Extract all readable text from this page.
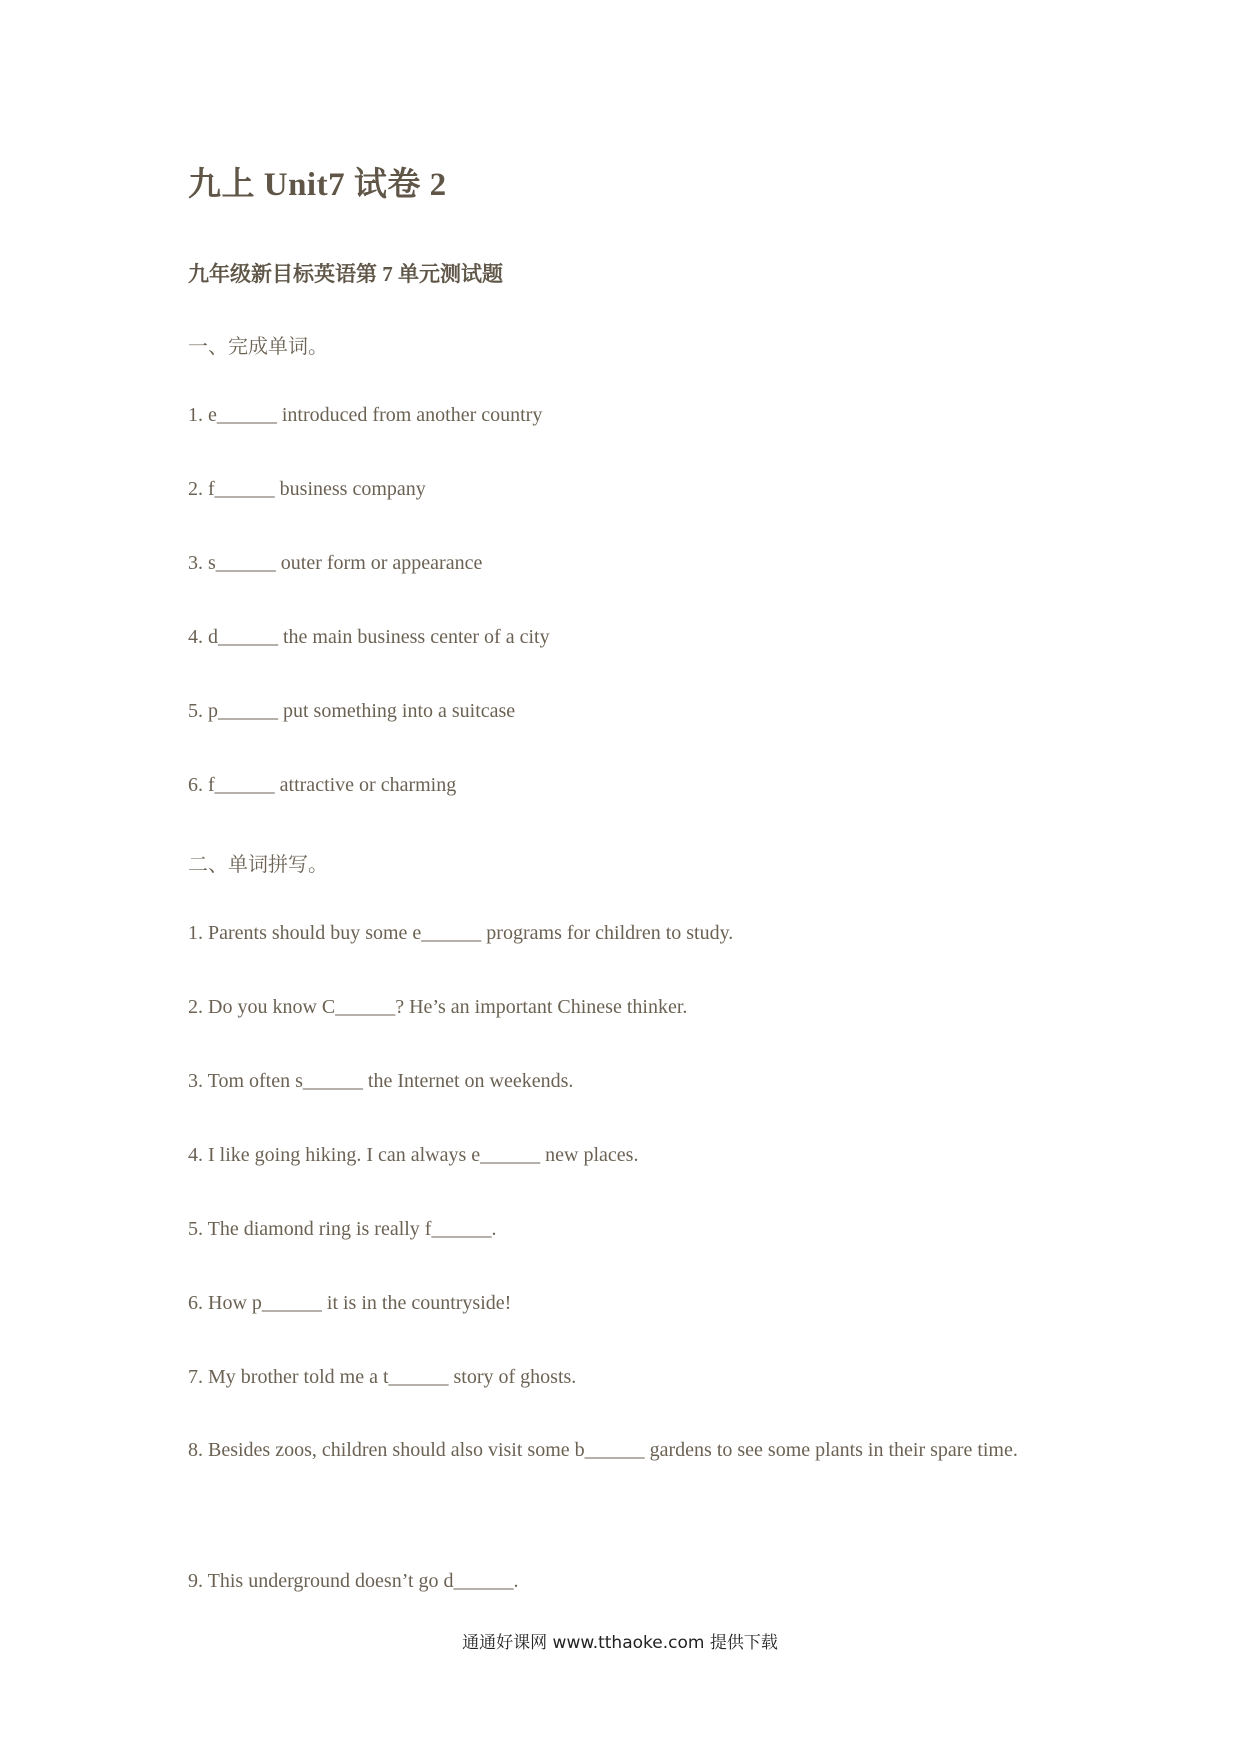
九上 Unit7 试卷 2
九年级新目标英语第 7 单元测试题
一、完成单词。
1. e______ introduced from another country
2. f______ business company
3. s______ outer form or appearance
4. d______ the main business center of a city
5. p______ put something into a suitcase
6. f______ attractive or charming
二、单词拼写。
1. Parents should buy some e______ programs for children to study.
2. Do you know C______? He’s an important Chinese thinker.
3. Tom often s______ the Internet on weekends.
4. I like going hiking. I can always e______ new places.
5. The diamond ring is really f______.
6. How p______ it is in the countryside!
7. My brother told me a t______ story of ghosts.
8. Besides zoos, children should also visit some b______ gardens to see some plants in their spare time.
9. This underground doesn’t go d______.
通通好课网 www.tthaoke.com 提供下载
